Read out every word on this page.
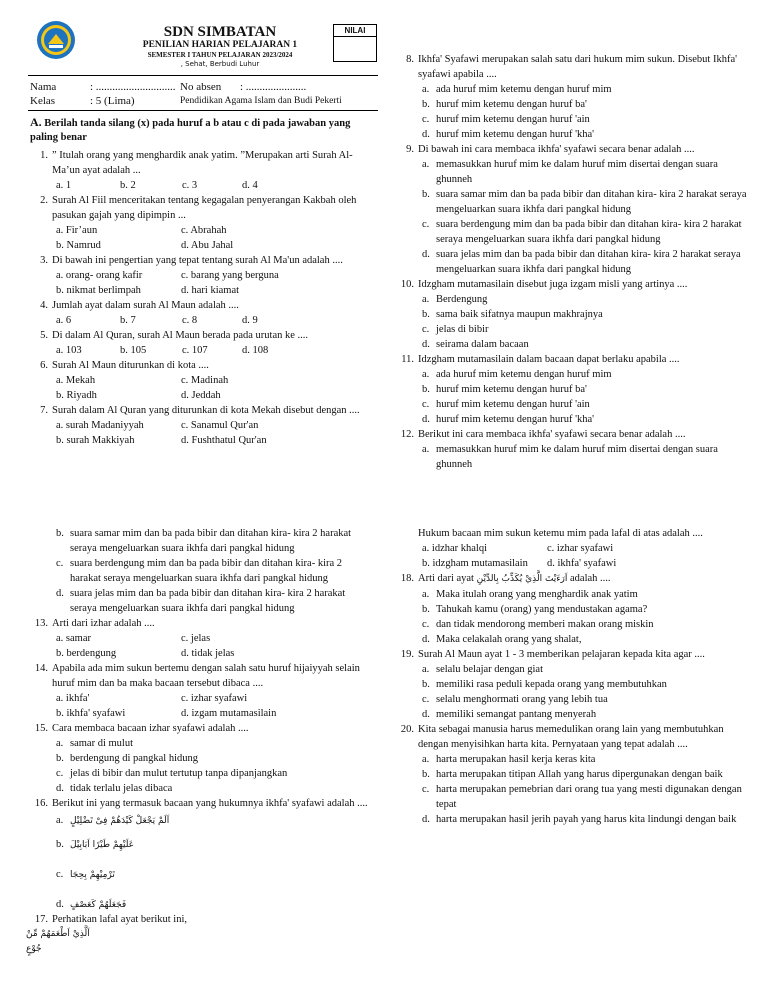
SDN SIMBATAN
PENILIAN HARIAN PELAJARAN 1
SEMESTER I TAHUN PELAJARAN 2023/2024
, Sehat, Berbudi Luhur
NILAI
Nama	: ............................. No absen : ......................
Kelas	: 5 (Lima)	Pendidikan Agama Islam dan Budi Pekerti
A. Berilah tanda silang (x) pada huruf a b atau c di pada jawaban yang paling benar
1. ” Itulah orang yang menghardik anak yatim. ”Merupakan arti Surah Al-Ma’un ayat adalah ...
a. 1	b. 2	c. 3	d. 4
2. Surah Al Fiil menceritakan tentang kegagalan penyerangan Kakbah oleh pasukan gajah yang dipimpin ...
a. Fir’aun	c. Abrahah
b. Namrud	d. Abu Jahal
3. Di bawah ini pengertian yang tepat tentang surah Al Ma'un adalah ....
a. orang- orang kafir	c. barang yang berguna
b. nikmat berlimpah	d. hari kiamat
4. Jumlah ayat dalam surah Al Maun adalah ....
a. 6	b. 7	c. 8	d. 9
5. Di dalam Al Quran, surah Al Maun berada pada urutan ke ....
a. 103	b. 105	c. 107	d. 108
6. Surah Al Maun diturunkan di kota ....
a. Mekah	c. Madinah
b. Riyadh	d. Jeddah
7. Surah dalam Al Quran yang diturunkan di kota Mekah disebut dengan ....
a. surah Madaniyyah	c. Sanamul Qur'an
b. surah Makkiyah	d. Fushthatul Qur'an
8. Ikhfa' Syafawi merupakan salah satu dari hukum mim sukun. Disebut Ikhfa' syafawi apabila ....
a. ada huruf mim ketemu dengan huruf mim
b. huruf mim ketemu dengan huruf ba'
c. huruf mim ketemu dengan huruf 'ain
d. huruf mim ketemu dengan huruf 'kha'
9. Di bawah ini cara membaca ikhfa' syafawi secara benar adalah ....
a. memasukkan huruf mim ke dalam huruf mim disertai dengan suara ghunneh
b. suara samar mim dan ba pada bibir dan ditahan kira- kira 2 harakat seraya mengeluarkan suara ikhfa dari pangkal hidung
c. suara berdengung mim dan ba pada bibir dan ditahan kira- kira 2 harakat seraya mengeluarkan suara ikhfa dari pangkal hidung
d. suara jelas mim dan ba pada bibir dan ditahan kira- kira 2 harakat seraya mengeluarkan suara ikhfa dari pangkal hidung
10. Idzgham mutamasilain disebut juga izgam misli yang artinya ....
a. Berdengung
b. sama baik sifatnya maupun makhrajnya
c. jelas di bibir
d. seirama dalam bacaan
11. Idzgham mutamasilain dalam bacaan dapat berlaku apabila ....
a. ada huruf mim ketemu dengan huruf mim
b. huruf mim ketemu dengan huruf ba'
c. huruf mim ketemu dengan huruf 'ain
d. huruf mim ketemu dengan huruf 'kha'
12. Berikut ini cara membaca ikhfa' syafawi secara benar adalah ....
a. memasukkan huruf mim ke dalam huruf mim disertai dengan suara ghunneh
b. suara samar mim dan ba pada bibir dan ditahan kira- kira 2 harakat seraya mengeluarkan suara ikhfa dari pangkal hidung
c. suara berdengung mim dan ba pada bibir dan ditahan kira- kira 2 harakat seraya mengeluarkan suara ikhfa dari pangkal hidung
d. suara jelas mim dan ba pada bibir dan ditahan kira- kira 2 harakat seraya mengeluarkan suara ikhfa dari pangkal hidung
13. Arti dari izhar adalah ....
a. samar	c. jelas
b. berdengung	d. tidak jelas
14. Apabila ada mim sukun bertemu dengan salah satu huruf hijaiyyah selain huruf mim dan ba maka bacaan tersebut dibaca ....
a. ikhfa'	c. izhar syafawi
b. ikhfa' syafawi	d. izgam mutamasilain
15. Cara membaca bacaan izhar syafawi adalah ....
a. samar di mulut
b. berdengung di pangkal hidung
c. jelas di bibir dan mulut tertutup tanpa dipanjangkan
d. tidak terlalu jelas dibaca
16. Berikut ini yang termasuk bacaan yang hukumnya ikhfa' syafawi adalah ....
a. اَلَمْ يَجْعَلْ كَيْدَهُمْ فِىْ تَضْلِيْلٍ
b. عَلَيْهِمْ طَيْرًا اَبَابِيْلَ
c. تَرْمِيْهِمْ بِحِجَا
d. فَجَعَلَهُمْ كَعَصْفٍ
17. Perhatikan lafal ayat berikut ini,
اَلَّذِيْ اَطْعَمَهُمْ مِّنْ جُوْعٍ
Hukum bacaan mim sukun ketemu mim pada lafal di atas adalah ....
a. idzhar khalqi	c. izhar syafawi
b. idzgham mutamasilain	d. ikhfa' syafawi
18. Arti dari ayat اَرَءَيْتَ الَّذِيْ يُكَذِّبُ بِالدِّيْنِ adalah ....
a. Maka itulah orang yang menghardik anak yatim
b. Tahukah kamu (orang) yang mendustakan agama?
c. dan tidak mendorong memberi makan orang miskin
d. Maka celakalah orang yang shalat,
19. Surah Al Maun ayat 1 - 3 memberikan pelajaran kepada kita agar ....
a. selalu belajar dengan giat
b. memiliki rasa peduli kepada orang yang membutuhkan
c. selalu menghormati orang yang lebih tua
d. memiliki semangat pantang menyerah
20. Kita sebagai manusia harus memedulikan orang lain yang membutuhkan dengan menyisihkan harta kita. Pernyataan yang tepat adalah ....
a. harta merupakan hasil kerja keras kita
b. harta merupakan titipan Allah yang harus dipergunakan dengan baik
c. harta merupakan pemebrian dari orang tua yang mesti digunakan dengan tepat
d. harta merupakan hasil jerih payah yang harus kita lindungi dengan baik
